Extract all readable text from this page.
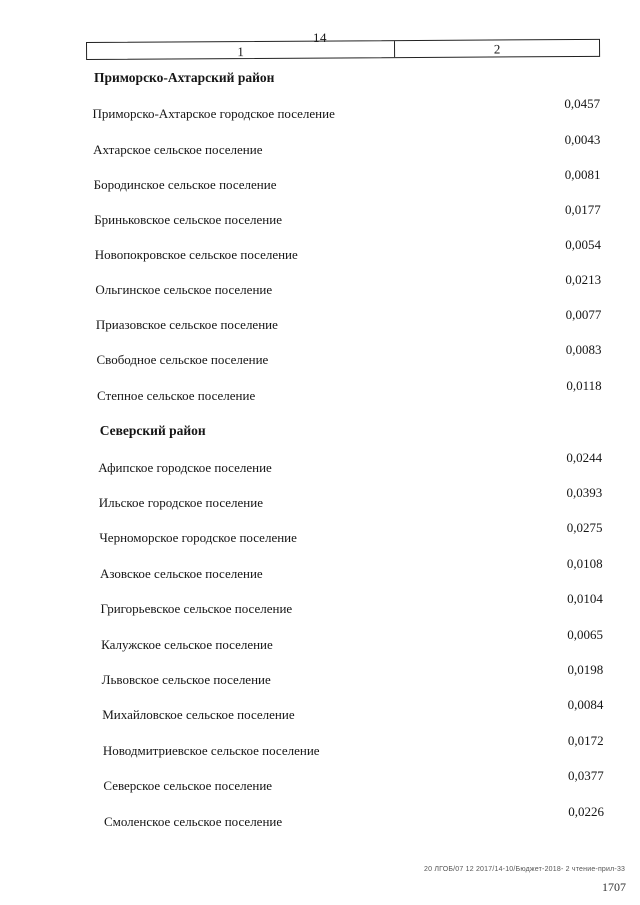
14
1	2
Приморско-Ахтарский район
Приморско-Ахтарское городское поселение
0,0457
Ахтарское сельское поселение
0,0043
Бородинское сельское поселение
0,0081
Бриньковское сельское поселение
0,0177
Новопокровское сельское поселение
0,0054
Ольгинское сельское поселение
0,0213
Приазовское сельское поселение
0,0077
Свободное сельское поселение
0,0083
Степное сельское поселение
0,0118
Северский район
Афипское городское поселение
0,0244
Ильское городское поселение
0,0393
Черноморское городское поселение
0,0275
Азовское сельское поселение
0,0108
Григорьевское сельское поселение
0,0104
Калужское сельское поселение
0,0065
Львовское сельское поселение
0,0198
Михайловское сельское поселение
0,0084
Новодмитриевское сельское поселение
0,0172
Северское сельское поселение
0,0377
Смоленское сельское поселение
0,0226
20 ЛГОБ/07 12 2017/14-10/Бюджет-2018- 2 чтение-прил-33
1707
